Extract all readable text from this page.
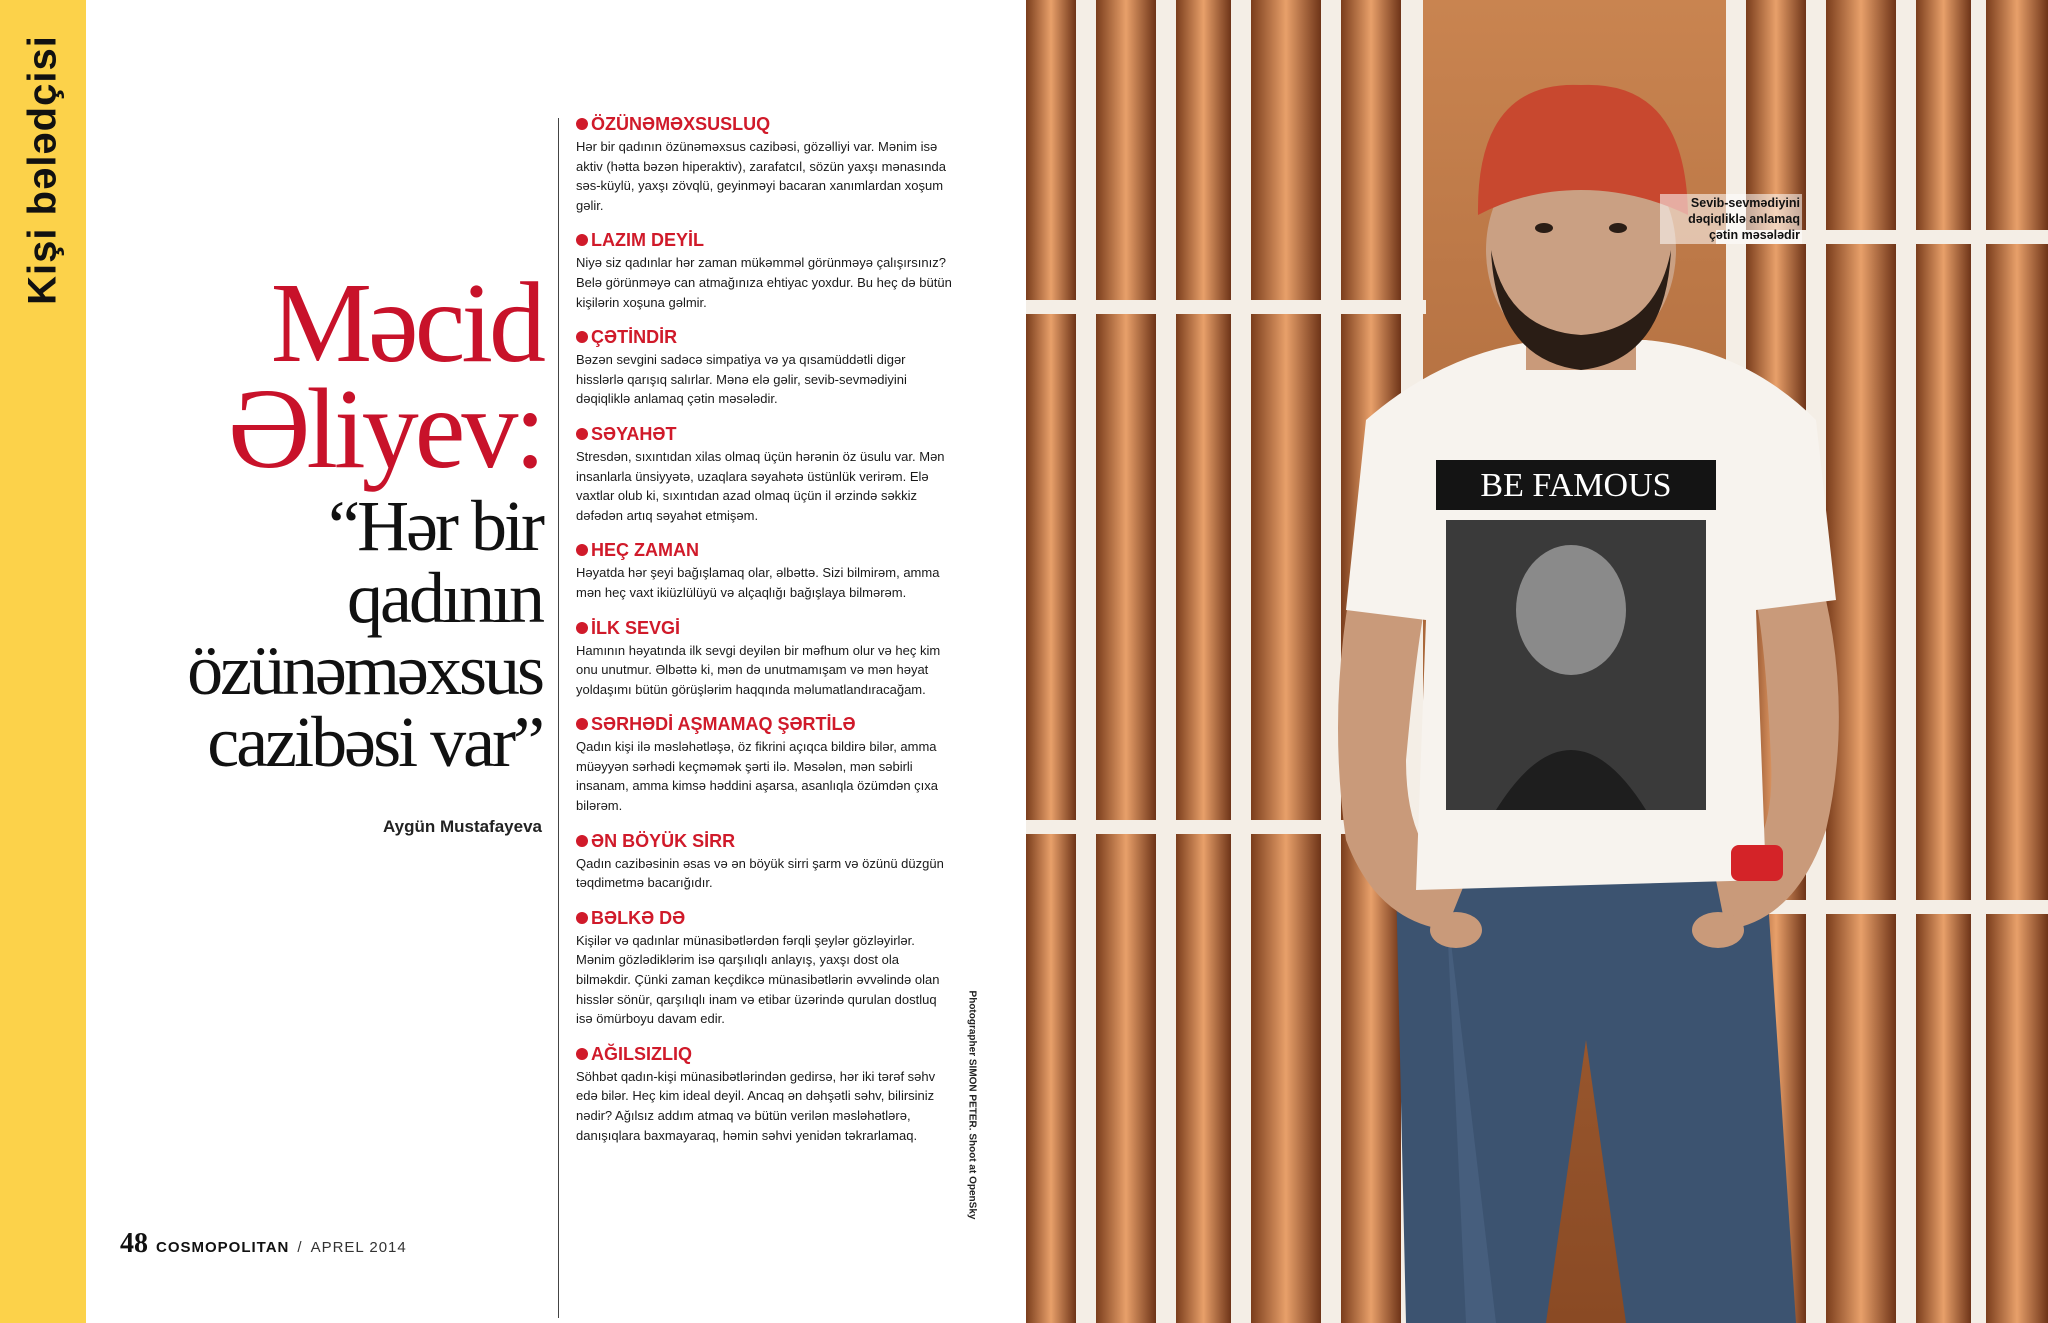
Kişi bələdçisi
Məcid
Əliyev:
“Hər bir
qadının
özünəməxsus
cazibəsi var”
Aygün Mustafayeva
48 COSMOPOLITAN / APREL 2014
ÖZÜNƏMƏXSUSLUQ
Hər bir qadının özünəməxsus cazibəsi, gözəlliyi var. Mənim isə aktiv (hətta bəzən hiperaktiv), zarafatcıl, sözün yaxşı mənasında səs-küylü, yaxşı zövqlü, geyinməyi bacaran xanımlardan xoşum gəlir.
LAZIM DEYİL
Niyə siz qadınlar hər zaman mükəmməl görünməyə çalışırsınız? Belə görünməyə can atmağınıza ehtiyac yoxdur. Bu heç də bütün kişilərin xoşuna gəlmir.
ÇƏTİNDİR
Bəzən sevgini sadəcə simpatiya və ya qısamüddətli digər hisslərlə qarışıq salırlar. Mənə elə gəlir, sevib-sevmədiyini dəqiqliklə anlamaq çətin məsələdir.
SƏYAHƏT
Stresdən, sıxıntıdan xilas olmaq üçün hərənin öz üsulu var. Mən insanlarla ünsiyyətə, uzaqlara səyahətə üstünlük verirəm. Elə vaxtlar olub ki, sıxıntıdan azad olmaq üçün il ərzində səkkiz dəfədən artıq səyahət etmişəm.
HEÇ ZAMAN
Həyatda hər şeyi bağışlamaq olar, əlbəttə. Sizi bilmirəm, amma mən heç vaxt ikiüzlülüyü və alçaqlığı bağışlaya bilmərəm.
İLK SEVGİ
Hamının həyatında ilk sevgi deyilən bir məfhum olur və heç kim onu unutmur. Əlbəttə ki, mən də unutmamışam və mən həyat yoldaşımı bütün görüşlərim haqqında məlumatlandıracağam.
SƏRHƏDİ AŞMAMAQ ŞƏRTİLƏ
Qadın kişi ilə məsləhətləşə, öz fikrini açıqca bildirə bilər, amma müəyyən sərhədi keçməmək şərti ilə. Məsələn, mən səbirli insanam, amma kimsə həddini aşarsa, asanlıqla özümdən çıxa bilərəm.
ƏN BÖYÜK SİRR
Qadın cazibəsinin əsas və ən böyük sirri şarm və özünü düzgün təqdimetmə bacarığıdır.
BƏLKƏ DƏ
Kişilər və qadınlar münasibətlərdən fərqli şeylər gözləyirlər. Mənim gözlədiklərim isə qarşılıqlı anlayış, yaxşı dost ola bilməkdir. Çünki zaman keçdikcə münasibətlərin əvvəlində olan hisslər sönür, qarşılıqlı inam və etibar üzərində qurulan dostluq isə ömürboyu davam edir.
AĞILSIZLIQ
Söhbət qadın-kişi münasibətlərindən gedirsə, hər iki tərəf səhv edə bilər. Heç kim ideal deyil. Ancaq ən dəhşətli səhv, bilirsiniz nədir? Ağılsız addım atmaq və bütün verilən məsləhətlərə, danışıqlara baxmayaraq, həmin səhvi yenidən təkrarlamaq.	Photographer SIMON PETER. Shoot at OpenSky
BE FAMOUS
Sevib-sevmədiyini dəqiqliklə anlamaq çətin məsələdir
